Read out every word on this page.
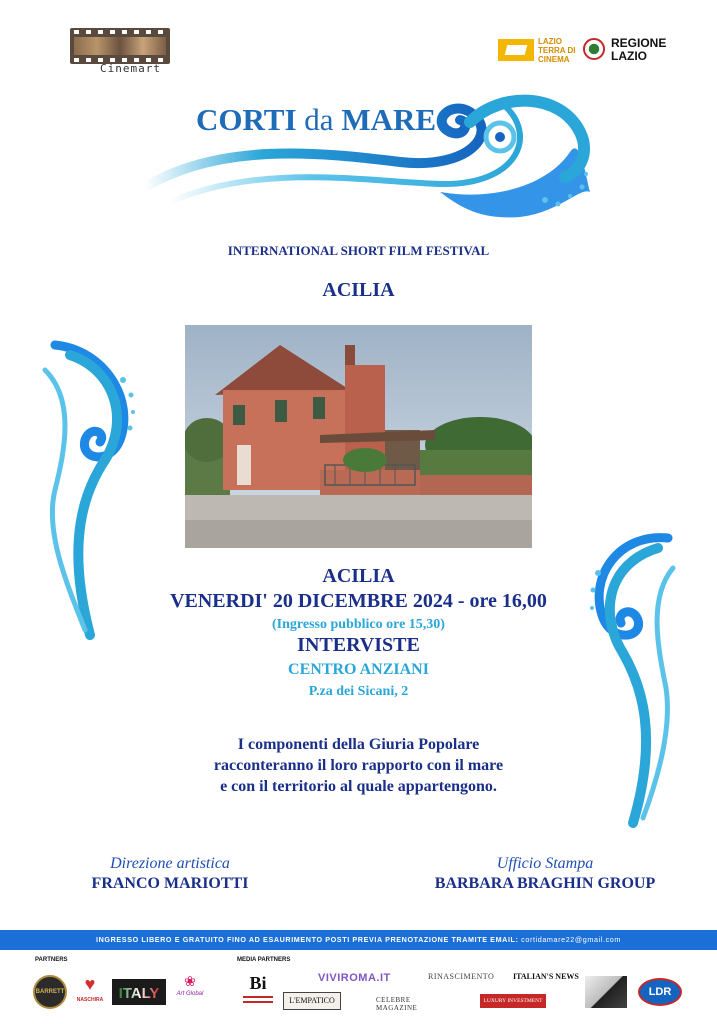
Cinemart
LAZIO
TERRA DI
CINEMA
REGIONE
LAZIO
CORTI da MARE
INTERNATIONAL SHORT FILM FESTIVAL
ACILIA
ACILIA
VENERDI' 20 DICEMBRE 2024 - ore 16,00
(Ingresso pubblico ore 15,30)
INTERVISTE
CENTRO ANZIANI
P.za dei Sicani, 2
I componenti della Giuria Popolare
racconteranno il loro rapporto con il mare
e con il territorio al quale appartengono.
Direzione artistica
FRANCO MARIOTTI
Ufficio Stampa
BARBARA BRAGHIN GROUP
INGRESSO LIBERO E GRATUITO FINO AD ESAURIMENTO POSTI PREVIA PRENOTAZIONE TRAMITE EMAIL: cortidamare22@gmail.com
PARTNERS	MEDIA PARTNERS
BARRETT ♥
NASCHIRA	ITALY
❀
Art Global
Bi
L'EMPATICO
VIVIROMA.IT
CELEBRE MAGAZINE
RINASCIMENTO
LUXURY INVESTMENT
ITALIAN'S NEWS
LDR
